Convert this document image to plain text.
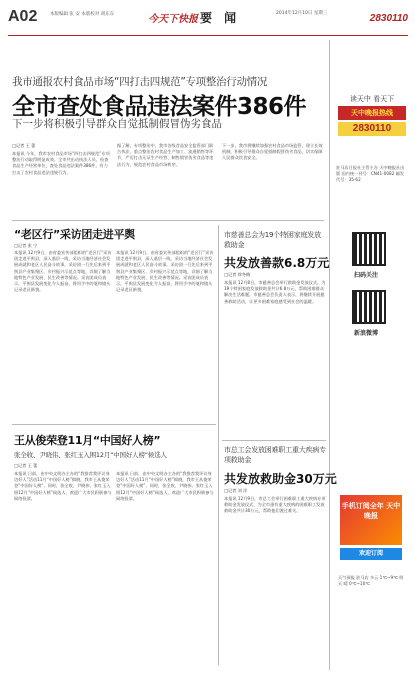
A02	本版编辑 张 安 本版校对 胡东东	今天下快报 要 闻	2014年12月10日 星期三	2830110
我市通报农村食品市场“四打击四规范”专项整治行动情况
全市查处食品违法案件386件
下一步将积极引导群众自觉抵制假冒伪劣食品
□记者 王 蕾
本报讯 今年，我市农村食品市场“四打击四规范”专项整治行动取得明显成效。全市共出动执法人员，检查食品生产经营单位，查处食品违法案件386件，有力打击了农村食品违法违规行为。
据了解，专项整治中，我市各级食品安全监管部门联合执法，重点整治农村食品生产加工、流通销售等环节，严厉打击无证生产经营、制售假冒伪劣食品等违法行为，规范农村食品市场秩序。
下一步，我市将继续加强农村食品市场监管，建立长效机制，积极引导群众自觉抵制假冒伪劣食品，切实保障人民群众饮食安全。
“老区行”采访团走进平舆
□记者 张 宁
本报讯 12月9日，由省委宣传部组织的“老区行”采访团走进平舆县，深入基层一线，采访当地经济社会发展成就和老区人民奋斗故事。采访团一行先后来到平舆县产业集聚区、乡村振兴示范点等地，详细了解当地特色产业发展、民生改善等情况。采访团成员表示，平舆县发展变化令人振奋，将用手中的笔和镜头记录老区新貌。
本报讯 12月9日，由省委宣传部组织的“老区行”采访团走进平舆县，深入基层一线，采访当地经济社会发展成就和老区人民奋斗故事。采访团一行先后来到平舆县产业集聚区、乡村振兴示范点等地，详细了解当地特色产业发展、民生改善等情况。采访团成员表示，平舆县发展变化令人振奋，将用手中的笔和镜头记录老区新貌。
市慈善总会为19个特困家庭发放救助金
共发放善款6.8万元
□记者 徐冬梅
本报讯 12月8日，市慈善总会举行救助金发放仪式，为19个特困家庭发放救助金共计6.8万元，帮助困难群众解决生活难题。市慈善总会负责人表示，将继续开展慈善救助活动，让更多困难家庭感受到社会的温暖。
王从俊荣登11月“中国好人榜”
张全收、尹晓伟、张红玉入围12月“中国好人榜”候选人
□记者 王 蕾
本报讯 日前，由中央文明办主办的“我推荐我评议身边好人”活动11月“中国好人榜”揭晓，我市王从俊荣登“中国好人榜”。同时，张全收、尹晓伟、张红玉入围12月“中国好人榜”候选人，欢迎广大市民积极参与网络投票。
本报讯 日前，由中央文明办主办的“我推荐我评议身边好人”活动11月“中国好人榜”揭晓，我市王从俊荣登“中国好人榜”。同时，张全收、尹晓伟、张红玉入围12月“中国好人榜”候选人，欢迎广大市民积极参与网络投票。
市总工会发放困难职工重大疾病专项救助金
共发放救助金30万元
□记者 刘 洋
本报讯 12月9日，市总工会举行困难职工重大疾病专项救助金发放仪式，为全市患有重大疾病的困难职工发放救助金共计30万元，帮助他们渡过难关。
读天中 看天下
天中晚报热线
2830110
驻马店日报社主管主办 天中晚报社出版 国内统一刊号：CN41-0082 邮发代号：35-62
扫码关注
新浪微博
手机订阅全年 天中晚报
欢迎订阅
天气预报 驻马店 多云 1℃~9℃ 明天 晴 0℃~10℃
